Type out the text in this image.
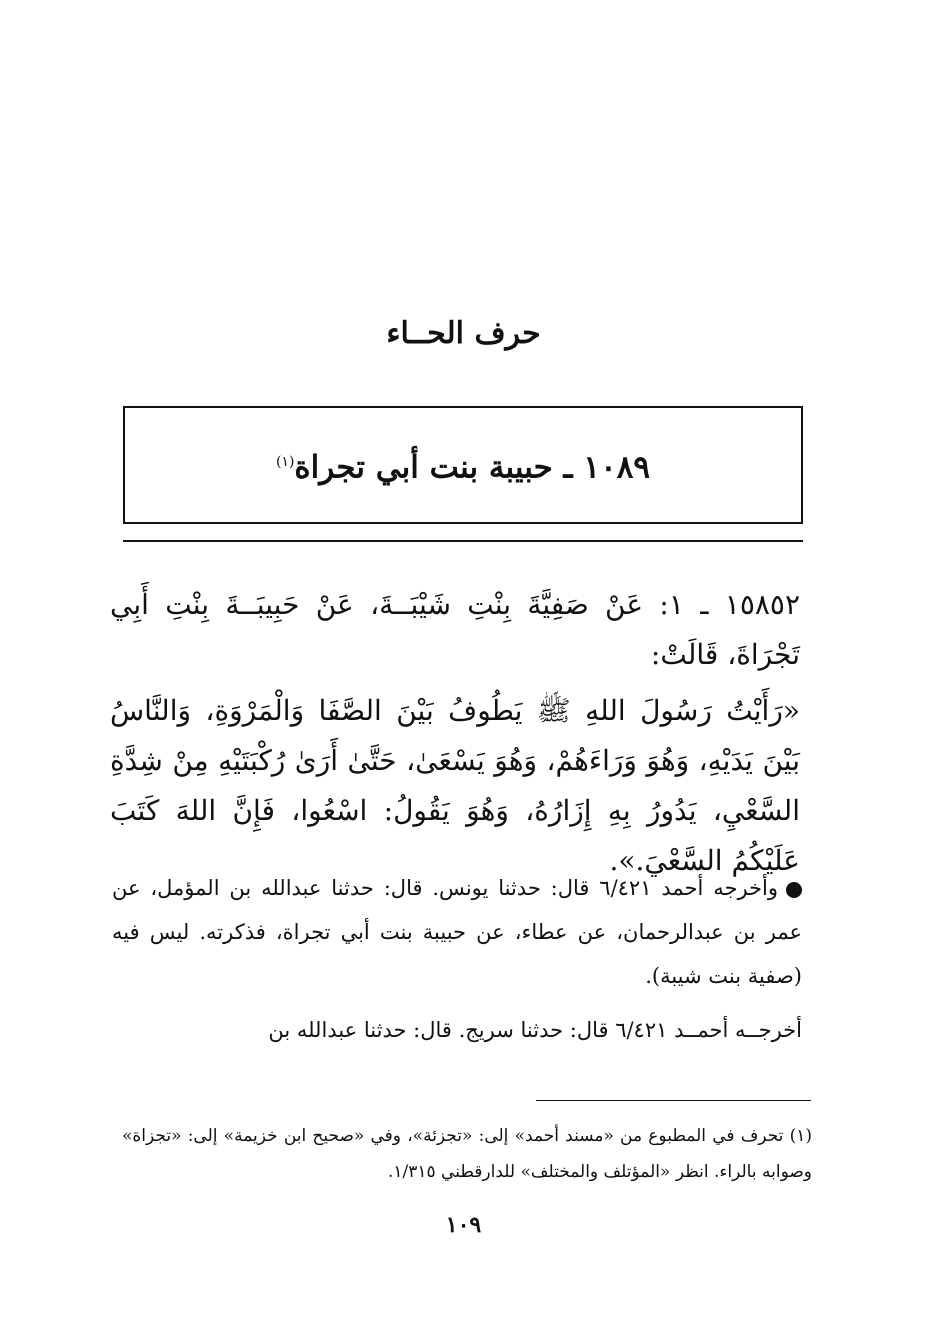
حرف الحــاء
١٠٨٩ ـ حبيبة بنت أبي تجراة$^{(١)}$

١٥٨٥٢ ـ ١: عَنْ صَفِيَّةَ بِنْتِ شَيْبَــةَ، عَنْ حَبِيبَــةَ بِنْتِ أَبِي تَجْرَاةَ، قَالَتْ:

«رَأَيْتُ رَسُولَ اللهِ ﷺ يَطُوفُ بَيْنَ الصَّفَا وَالْمَرْوَةِ، وَالنَّاسُ بَيْنَ يَدَيْهِ، وَهُوَ وَرَاءَهُمْ، وَهُوَ يَسْعَىٰ، حَتَّىٰ أَرَىٰ رُكْبَتَيْهِ مِنْ شِدَّةِ السَّعْيِ، يَدُورُ بِهِ إِزَارُهُ، وَهُوَ يَقُولُ: اسْعُوا، فَإِنَّ اللهَ كَتَبَ عَلَيْكُمُ السَّعْيَ.».

وأخرجه أحمد ٦/٤٢١ قال: حدثنا يونس. قال: حدثنا عبدالله بن المؤمل، عن عمر بن عبدالرحمان، عن عطاء، عن حبيبة بنت أبي تجراة، فذكرته. ليس فيه (صفية بنت شيبة).

أخرجــه أحمــد ٦/٤٢١ قال: حدثنا سريج. قال: حدثنا عبدالله بن

(١) تحرف في المطبوع من «مسند أحمد» إلى: «تجزئة»، وفي «صحيح ابن خزيمة» إلى: «تجزاة» وصوابه بالراء. انظر «المؤتلف والمختلف» للدارقطني ١/٣١٥.

١٠٩
